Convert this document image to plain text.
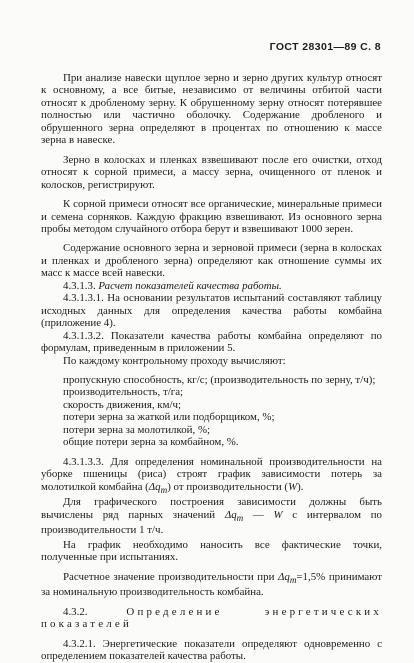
ГОСТ 28301—89 С. 8

При анализе навески щуплое зерно и зерно других культур относят к основному, а все битые, независимо от величины отбитой части относят к дробленому зерну. К обрушенному зерну относят потерявшее полностью или частично оболочку. Содержание дробленого и обрушенного зерна определяют в процентах по отношению к массе зерна в навеске.

Зерно в колосках и пленках взвешивают после его очистки, отход относят к сорной примеси, а массу зерна, очищенного от пленок и колосков, регистрируют.

К сорной примеси относят все органические, минеральные примеси и семена сорняков. Каждую фракцию взвешивают. Из основного зерна пробы методом случайного отбора берут и взвешивают 1000 зерен.

Содержание основного зерна и зерновой примеси (зерна в колосках и пленках и дробленого зерна) определяют как отношение суммы их масс к массе всей навески.

4.3.1.3. Расчет показателей качества работы.

4.3.1.3.1. На основании результатов испытаний составляют таблицу исходных данных для определения качества работы комбайна (приложение 4).

4.3.1.3.2. Показатели качества работы комбайна определяют по формулам, приведенным в приложении 5.

По каждому контрольному проходу вычисляют:

пропускную способность, кг/с; (производительность по зерну, т/ч);

производительность, т/га;

скорость движения, км/ч;

потери зерна за жаткой или подборщиком, %;

потери зерна за молотилкой, %;

общие потери зерна за комбайном, %.

4.3.1.3.3. Для определения номинальной производительности на уборке пшеницы (риса) строят график зависимости потерь за молотилкой комбайна $(\Delta q_m)$ от производительности (W).

Для графического построения зависимости должны быть вычислены ряд парных значений $\Delta q_m$ — W с интервалом по производительности 1 т/ч.

На график необходимо наносить все фактические точки, полученные при испытаниях.

Расчетное значение производительности при $\Delta q_m=1,5\%$ принимают за номинальную производительность комбайна.

4.3.2.	Определение энергетических показателей

4.3.2.1. Энергетические показатели определяют одновременно с определением показателей качества работы.
